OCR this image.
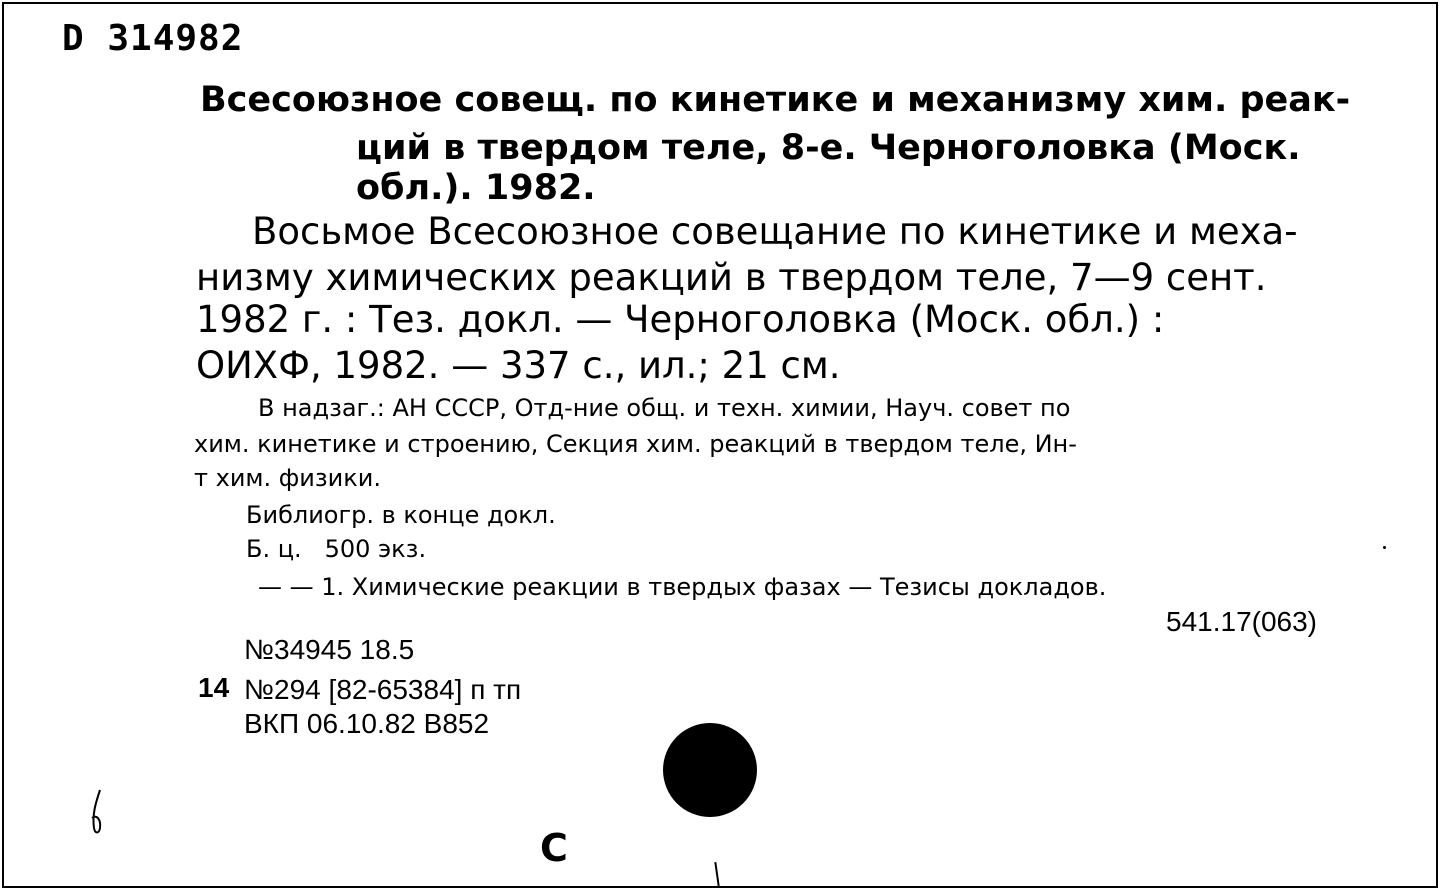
D 314982
Всесоюзное совещ. по кинетике и механизму хим. реак-
ций в твердом теле, 8-е. Черноголовка (Моск.
обл.). 1982.
Восьмое Всесоюзное совещание по кинетике и меха-
низму химических реакций в твердом теле, 7—9 сент.
1982 г. : Тез. докл. — Черноголовка (Моск. обл.) :
ОИХФ, 1982. — 337 с., ил.; 21 см.
В надзаг.: АН СССР, Отд-ние общ. и техн. химии, Науч. совет по
хим. кинетике и строению, Секция хим. реакций в твердом теле, Ин-
т хим. физики.
Библиогр. в конце докл.
Б. ц.   500 экз.
— — 1. Химические реакции в твердых фазах — Тезисы докладов.
541.17(063)
№34945 18.5
14 №294 [82-65384] п тп
ВКП 06.10.82 В852
С
